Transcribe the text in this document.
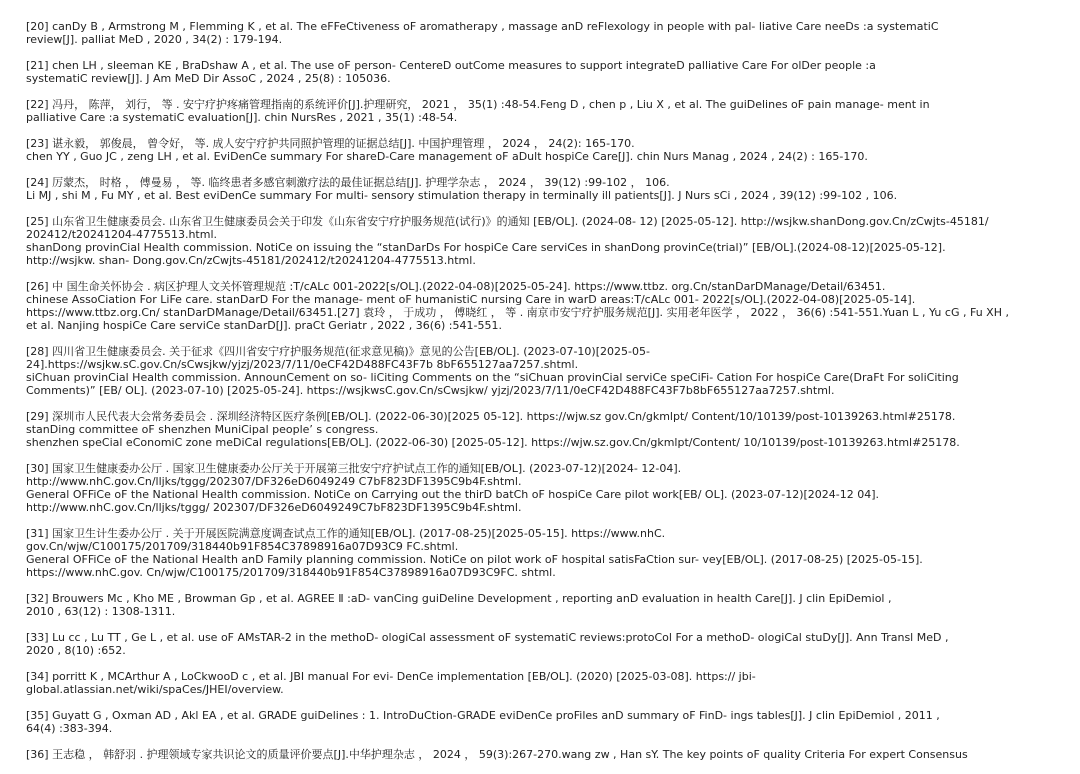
[20] canDy B , Armstrong M , Flemming K , et al. The eFFeCtiveness oF aromatherapy , massage anD reFlexology in people with pal- liative Care neeDs :a systematiC
review[J]. palliat MeD , 2020 , 34(2) : 179-194.

[21] chen LH , sleeman KE , BraDshaw A , et al. The use oF person- CentereD outCome measures to support integrateD palliative Care For olDer people :a
systematiC review[J]. J Am MeD Dir AssoC , 2024 , 25(8) : 105036.

[22] 冯丹， 陈萍， 刘行， 等 . 安宁疗护疼痛管理指南的系统评价[J].护理研究， 2021 ， 35(1) :48-54.Feng D , chen p , Liu X , et al. The guiDelines oF pain manage- ment in
palliative Care :a systematiC evaluation[J]. chin NursRes , 2021 , 35(1) :48-54.

[23] 谌永毅， 郭俊晨， 曾令好， 等. 成人安宁疗护共同照护管理的证据总结[J]. 中国护理管理 ， 2024 ， 24(2): 165-170.
chen YY , Guo JC , zeng LH , et al. EviDenCe summary For shareD-Care management oF aDult hospiCe Care[J]. chin Nurs Manag , 2024 , 24(2) : 165-170.

[24] 厉蒙杰， 时格 ， 傅曼易 ， 等. 临终患者多感官刺激疗法的最佳证据总结[J]. 护理学杂志 ， 2024 ， 39(12) :99-102 ， 106.
Li MJ , shi M , Fu MY , et al. Best eviDenCe summary For multi- sensory stimulation therapy in terminally ill patients[J]. J Nurs sCi , 2024 , 39(12) :99-102 , 106.

[25] 山东省卫生健康委员会. 山东省卫生健康委员会关于印发《山东省安宁疗护服务规范(试行)》的通知 [EB/OL]. (2024-08- 12) [2025-05-12]. http://wsjkw.shanDong.gov.Cn/zCwjts-45181/
202412/t20241204-4775513.html.
shanDong provinCial Health commission. NotiCe on issuing the “stanDarDs For hospiCe Care serviCes in shanDong provinCe(trial)” [EB/OL].(2024-08-12)[2025-05-12].
http://wsjkw. shan- Dong.gov.Cn/zCwjts-45181/202412/t20241204-4775513.html.

[26] 中 国生命关怀协会 . 病区护理人文关怀管理规范 :T/cALc 001-2022[s/OL].(2022-04-08)[2025-05-24]. https://www.ttbz. org.Cn/stanDarDManage/Detail/63451.
chinese AssoCiation For LiFe care. stanDarD For the manage- ment oF humanistiC nursing Care in warD areas:T/cALc 001- 2022[s/OL].(2022-04-08)[2025-05-14].
https://www.ttbz.org.Cn/ stanDarDManage/Detail/63451.[27] 袁玲 ， 于成功 ， 傅晓红 ， 等 . 南京市安宁疗护服务规范[J]. 实用老年医学 ， 2022 ， 36(6) :541-551.Yuan L , Yu cG , Fu XH ,
et al. Nanjing hospiCe Care serviCe stanDarD[J]. praCt Geriatr , 2022 , 36(6) :541-551.

[28] 四川省卫生健康委员会. 关于征求《四川省安宁疗护服务规范(征求意见稿)》意见的公告[EB/OL]. (2023-07-10)[2025-05-
24].https://wsjkw.sC.gov.Cn/sCwsjkw/yjzj/2023/7/11/0eCF42D488FC43F7b 8bF655127aa7257.shtml.
siChuan provinCial Health commission. AnnounCement on so- liCiting Comments on the “siChuan provinCial serviCe speCiFi- Cation For hospiCe Care(DraFt For soliCiting
Comments)” [EB/ OL]. (2023-07-10) [2025-05-24]. https://wsjkwsC.gov.Cn/sCwsjkw/ yjzj/2023/7/11/0eCF42D488FC43F7b8bF655127aa7257.shtml.

[29] 深圳市人民代表大会常务委员会 . 深圳经济特区医疗条例[EB/OL]. (2022-06-30)[2025 05-12]. https://wjw.sz gov.Cn/gkmlpt/ Content/10/10139/post-10139263.html#25178.
stanDing committee oF shenzhen MuniCipal people’ s congress.
shenzhen speCial eConomiC zone meDiCal regulations[EB/OL]. (2022-06-30) [2025-05-12]. https://wjw.sz.gov.Cn/gkmlpt/Content/ 10/10139/post-10139263.html#25178.

[30] 国家卫生健康委办公厅 . 国家卫生健康委办公厅关于开展第三批安宁疗护试点工作的通知[EB/OL]. (2023-07-12)[2024- 12-04].
http://www.nhC.gov.Cn/lljks/tggg/202307/DF326eD6049249 C7bF823DF1395C9b4F.shtml.
General OFFiCe oF the National Health commission. NotiCe on Carrying out the thirD batCh oF hospiCe Care pilot work[EB/ OL]. (2023-07-12)[2024-12 04].
http://www.nhC.gov.Cn/lljks/tggg/ 202307/DF326eD6049249C7bF823DF1395C9b4F.shtml.

[31] 国家卫生计生委办公厅 . 关于开展医院满意度调查试点工作的通知[EB/OL]. (2017-08-25)[2025-05-15]. https://www.nhC.
gov.Cn/wjw/C100175/201709/318440b91F854C37898916a07D93C9 FC.shtml.
General OFFiCe oF the National Health anD Family planning commission. NotiCe on pilot work oF hospital satisFaCtion sur- vey[EB/OL]. (2017-08-25) [2025-05-15].
https://www.nhC.gov. Cn/wjw/C100175/201709/318440b91F854C37898916a07D93C9FC. shtml.

[32] Brouwers Mc , Kho ME , Browman Gp , et al. AGREE Ⅱ :aD- vanCing guiDeline Development , reporting anD evaluation in health Care[J]. J clin EpiDemiol ,
2010 , 63(12) : 1308-1311.

[33] Lu cc , Lu TT , Ge L , et al. use oF AMsTAR-2 in the methoD- ologiCal assessment oF systematiC reviews:protoCol For a methoD- ologiCal stuDy[J]. Ann Transl MeD ,
2020 , 8(10) :652.

[34] porritt K , MCArthur A , LoCkwooD c , et al. JBI manual For evi- DenCe implementation [EB/OL]. (2020) [2025-03-08]. https:// jbi-
global.atlassian.net/wiki/spaCes/JHEI/overview.

[35] Guyatt G , Oxman AD , Akl EA , et al. GRADE guiDelines : 1. IntroDuCtion-GRADE eviDenCe proFiles anD summary oF FinD- ings tables[J]. J clin EpiDemiol , 2011 ,
64(4) :383-394.

[36] 王志稳 ， 韩舒羽 . 护理领域专家共识论文的质量评价要点[J].中华护理杂志 ， 2024 ， 59(3):267-270.wang zw , Han sY. The key points oF quality Criteria For expert Consensus
